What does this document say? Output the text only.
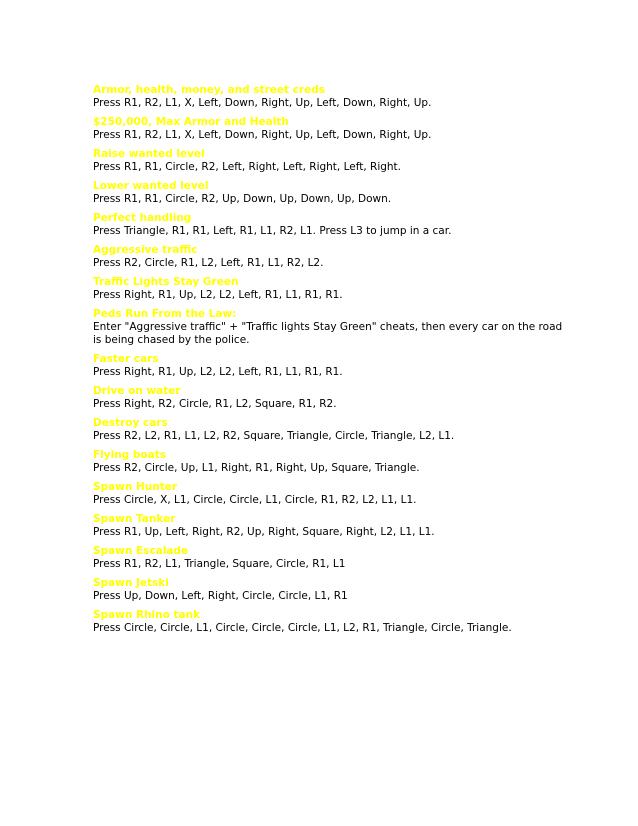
Armor, health, money, and street creds
Press R1, R2, L1, X, Left, Down, Right, Up, Left, Down, Right, Up.
$250,000, Max Armor and Health
Press R1, R2, L1, X, Left, Down, Right, Up, Left, Down, Right, Up.
Raise wanted level
Press R1, R1, Circle, R2, Left, Right, Left, Right, Left, Right.
Lower wanted level
Press R1, R1, Circle, R2, Up, Down, Up, Down, Up, Down.
Perfect handling
Press Triangle, R1, R1, Left, R1, L1, R2, L1. Press L3 to jump in a car.
Aggressive traffic
Press R2, Circle, R1, L2, Left, R1, L1, R2, L2.
Traffic Lights Stay Green
Press Right, R1, Up, L2, L2, Left, R1, L1, R1, R1.
Peds Run From the Law:
Enter "Aggressive traffic" + "Traffic lights Stay Green" cheats, then every car on the road is being chased by the police.
Faster cars
Press Right, R1, Up, L2, L2, Left, R1, L1, R1, R1.
Drive on water
Press Right, R2, Circle, R1, L2, Square, R1, R2.
Destroy cars
Press R2, L2, R1, L1, L2, R2, Square, Triangle, Circle, Triangle, L2, L1.
Flying boats
Press R2, Circle, Up, L1, Right, R1, Right, Up, Square, Triangle.
Spawn Hunter
Press Circle, X, L1, Circle, Circle, L1, Circle, R1, R2, L2, L1, L1.
Spawn Tanker
Press R1, Up, Left, Right, R2, Up, Right, Square, Right, L2, L1, L1.
Spawn Escalade
Press R1, R2, L1, Triangle, Square, Circle, R1, L1
Spawn Jetski
Press Up, Down, Left, Right, Circle, Circle, L1, R1
Spawn Rhino tank
Press Circle, Circle, L1, Circle, Circle, Circle, L1, L2, R1, Triangle, Circle, Triangle.
